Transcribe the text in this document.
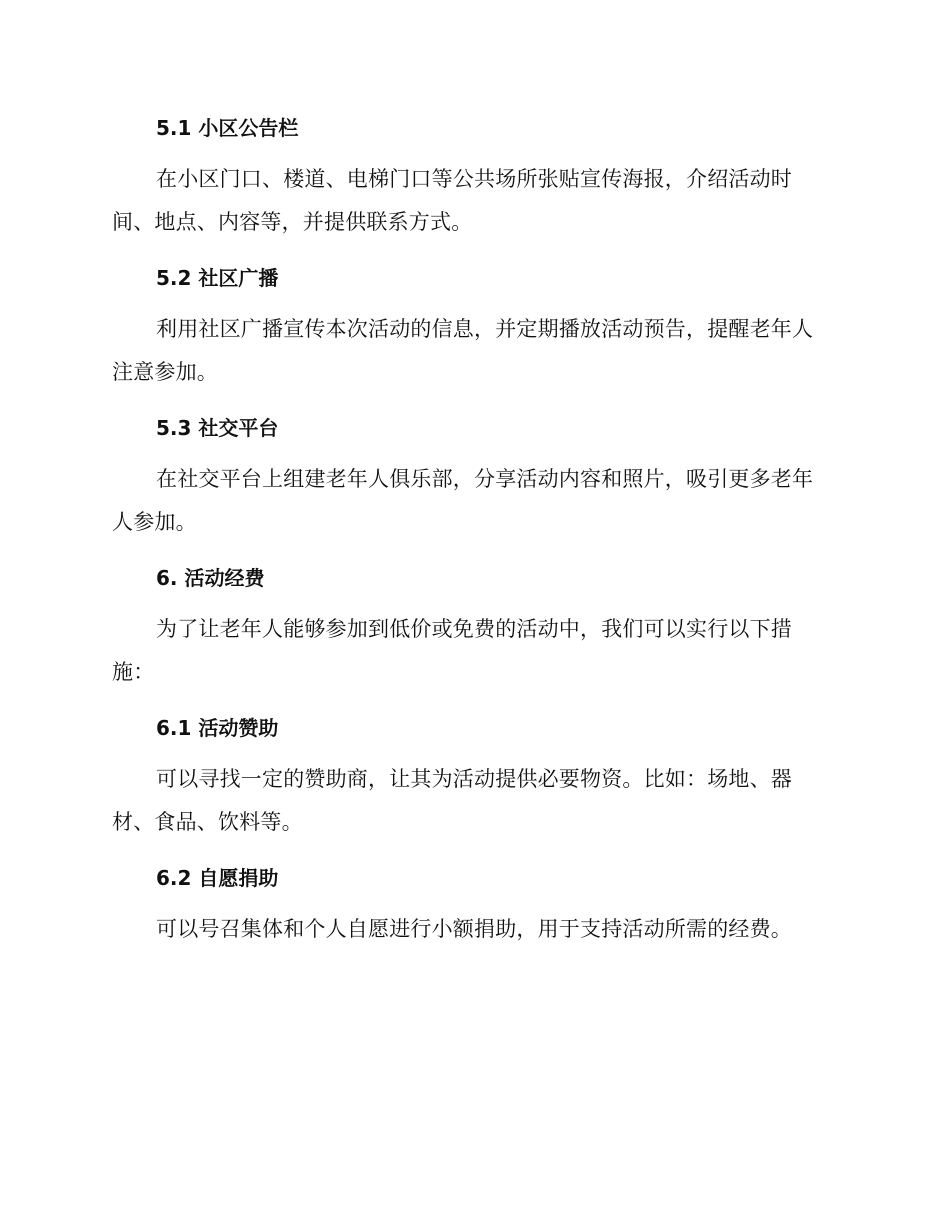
5.1 小区公告栏

在小区门口、楼道、电梯门口等公共场所张贴宣传海报，介绍活动时间、地点、内容等，并提供联系方式。

5.2 社区广播

利用社区广播宣传本次活动的信息，并定期播放活动预告，提醒老年人注意参加。

5.3 社交平台

在社交平台上组建老年人俱乐部，分享活动内容和照片，吸引更多老年人参加。

6. 活动经费

为了让老年人能够参加到低价或免费的活动中，我们可以实行以下措施：

6.1 活动赞助

可以寻找一定的赞助商，让其为活动提供必要物资。比如：场地、器材、食品、饮料等。

6.2 自愿捐助

可以号召集体和个人自愿进行小额捐助，用于支持活动所需的经费。
